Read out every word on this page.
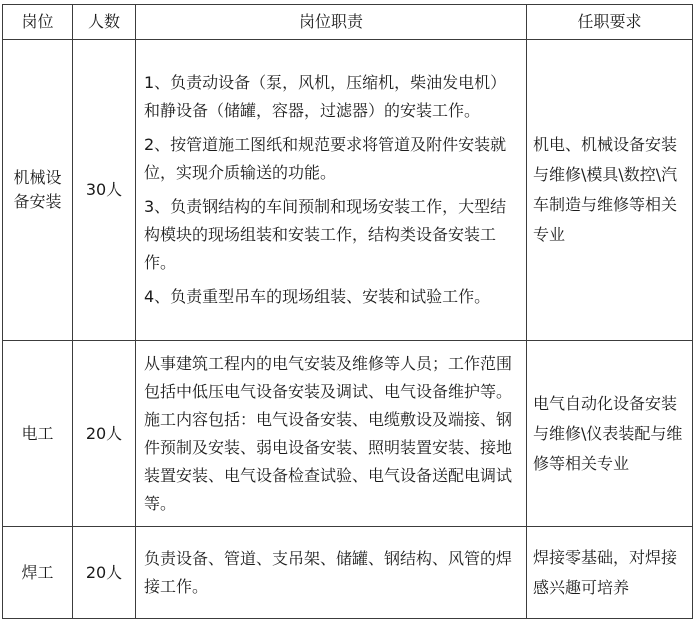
岗位	人数	岗位职责	任职要求
机械设备安装	30人	1、负责动设备（泵，风机，压缩机，柴油发电机）和静设备（储罐，容器，过滤器）的安装工作。
2、按管道施工图纸和规范要求将管道及附件安装就位，实现介质输送的功能。
3、负责钢结构的车间预制和现场安装工作，大型结构模块的现场组装和安装工作，结构类设备安装工作。
4、负责重型吊车的现场组装、安装和试验工作。	机电、机械设备安装与维修\模具\数控\汽车制造与维修等相关专业
电工	20人	从事建筑工程内的电气安装及维修等人员；工作范围包括中低压电气设备安装及调试、电气设备维护等。施工内容包括：电气设备安装、电缆敷设及端接、钢件预制及安装、弱电设备安装、照明装置安装、接地装置安装、电气设备检查试验、电气设备送配电调试等。	电气自动化设备安装与维修\仪表装配与维修等相关专业
焊工	20人	负责设备、管道、支吊架、储罐、钢结构、风管的焊接工作。	焊接零基础，对焊接感兴趣可培养
